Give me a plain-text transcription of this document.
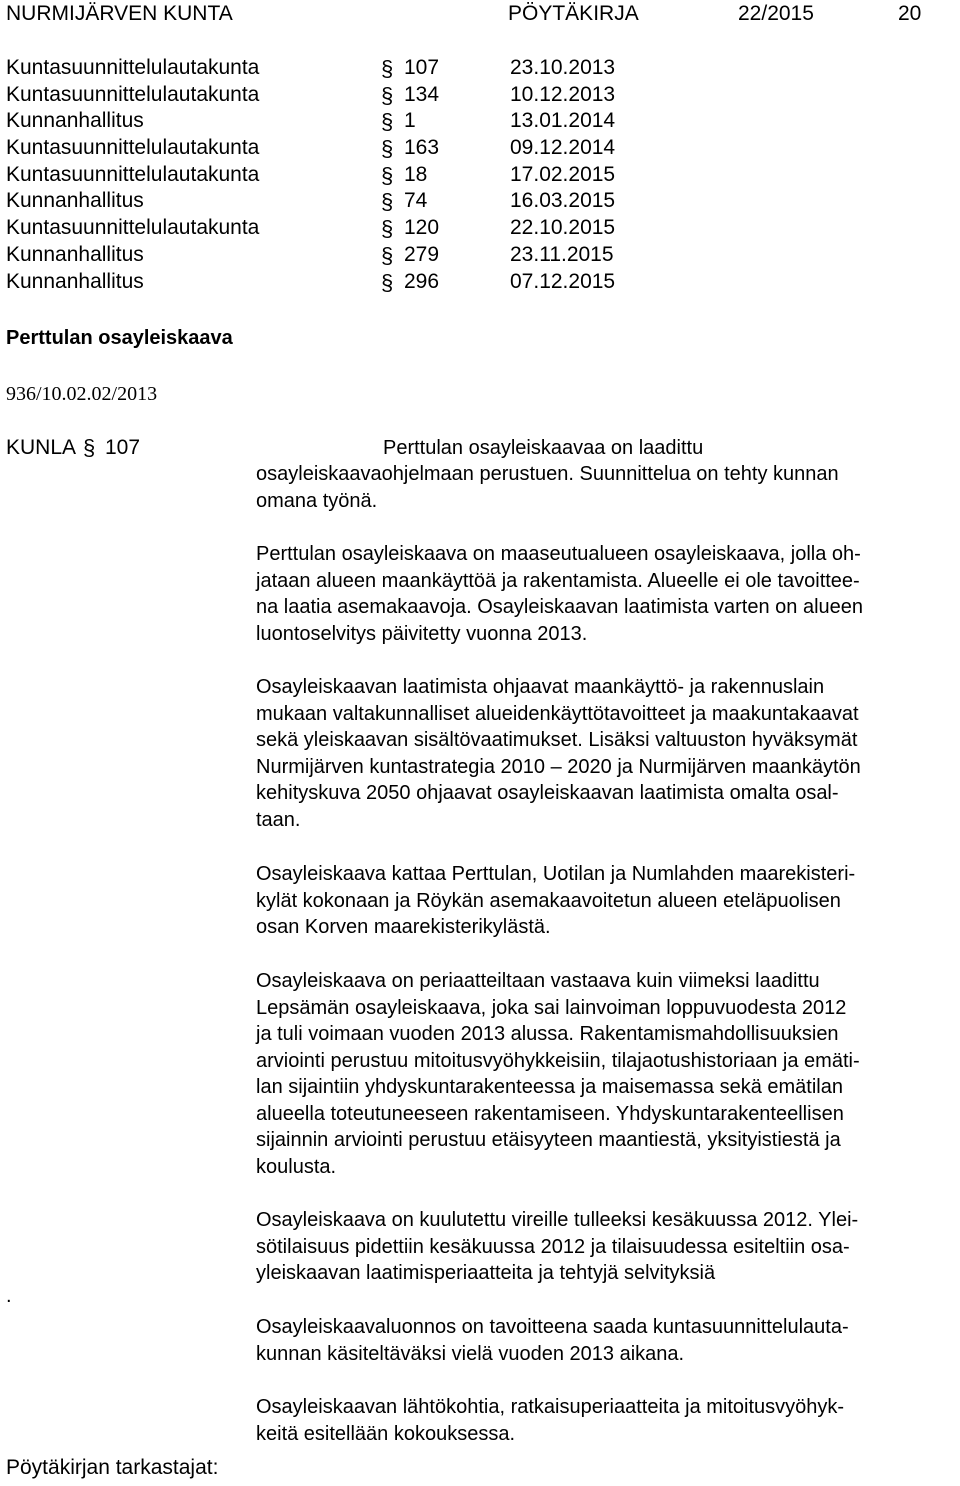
NURMIJÄRVEN KUNTA	PÖYTÄKIRJA	22/2015	20
Kuntasuunnittelulautakunta	§ 107	23.10.2013
Kuntasuunnittelulautakunta	§ 134	10.12.2013
Kunnanhallitus	§ 1	13.01.2014
Kuntasuunnittelulautakunta	§ 163	09.12.2014
Kuntasuunnittelulautakunta	§ 18	17.02.2015
Kunnanhallitus	§ 74	16.03.2015
Kuntasuunnittelulautakunta	§ 120	22.10.2015
Kunnanhallitus	§ 279	23.11.2015
Kunnanhallitus	§ 296	07.12.2015
Perttulan osayleiskaava
936/10.02.02/2013
KUNLA § 107	Perttulan osayleiskaavaa on laadittu
osayleiskaavaohjelmaan perustuen. Suunnittelua on tehty kunnan
omana työnä.
Perttulan osayleiskaava on maaseutualueen osayleiskaava, jolla oh-
jataan alueen maankäyttöä ja rakentamista. Alueelle ei ole tavoittee-
na laatia asemakaavoja. Osayleiskaavan laatimista varten on alueen
luontoselvitys päivitetty vuonna 2013.
Osayleiskaavan laatimista ohjaavat maankäyttö- ja rakennuslain
mukaan valtakunnalliset alueidenkäyttötavoitteet ja maakuntakaavat
sekä yleiskaavan sisältövaatimukset. Lisäksi valtuuston hyväksymät
Nurmijärven kuntastrategia 2010 – 2020 ja Nurmijärven maankäytön
kehityskuva 2050 ohjaavat osayleiskaavan laatimista omalta osal-
taan.
Osayleiskaava kattaa Perttulan, Uotilan ja Numlahden maarekisteri-
kylät kokonaan ja Röykän asemakaavoitetun alueen eteläpuolisen
osan Korven maarekisterikylästä.
Osayleiskaava on periaatteiltaan vastaava kuin viimeksi laadittu
Lepsämän osayleiskaava, joka sai lainvoiman loppuvuodesta 2012
ja tuli voimaan vuoden 2013 alussa. Rakentamismahdollisuuksien
arviointi perustuu mitoitusvyöhykkeisiin, tilajaotushistoriaan ja emäti-
lan sijaintiin yhdyskuntarakenteessa ja maisemassa sekä emätilan
alueella toteutuneeseen rakentamiseen. Yhdyskuntarakenteellisen
sijainnin arviointi perustuu etäisyyteen maantiestä, yksityistiestä ja
koulusta.
Osayleiskaava on kuulutettu vireille tulleeksi kesäkuussa 2012. Ylei-
sötilaisuus pidettiin kesäkuussa 2012 ja tilaisuudessa esiteltiin osa-
yleiskaavan laatimisperiaatteita ja tehtyjä selvityksiä
Osayleiskaavaluonnos on tavoitteena saada kuntasuunnittelulauta-
kunnan käsiteltäväksi vielä vuoden 2013 aikana.
Osayleiskaavan lähtökohtia, ratkaisuperiaatteita ja mitoitusvyöhyk-
keitä esitellään kokouksessa.
.
Pöytäkirjan tarkastajat:
